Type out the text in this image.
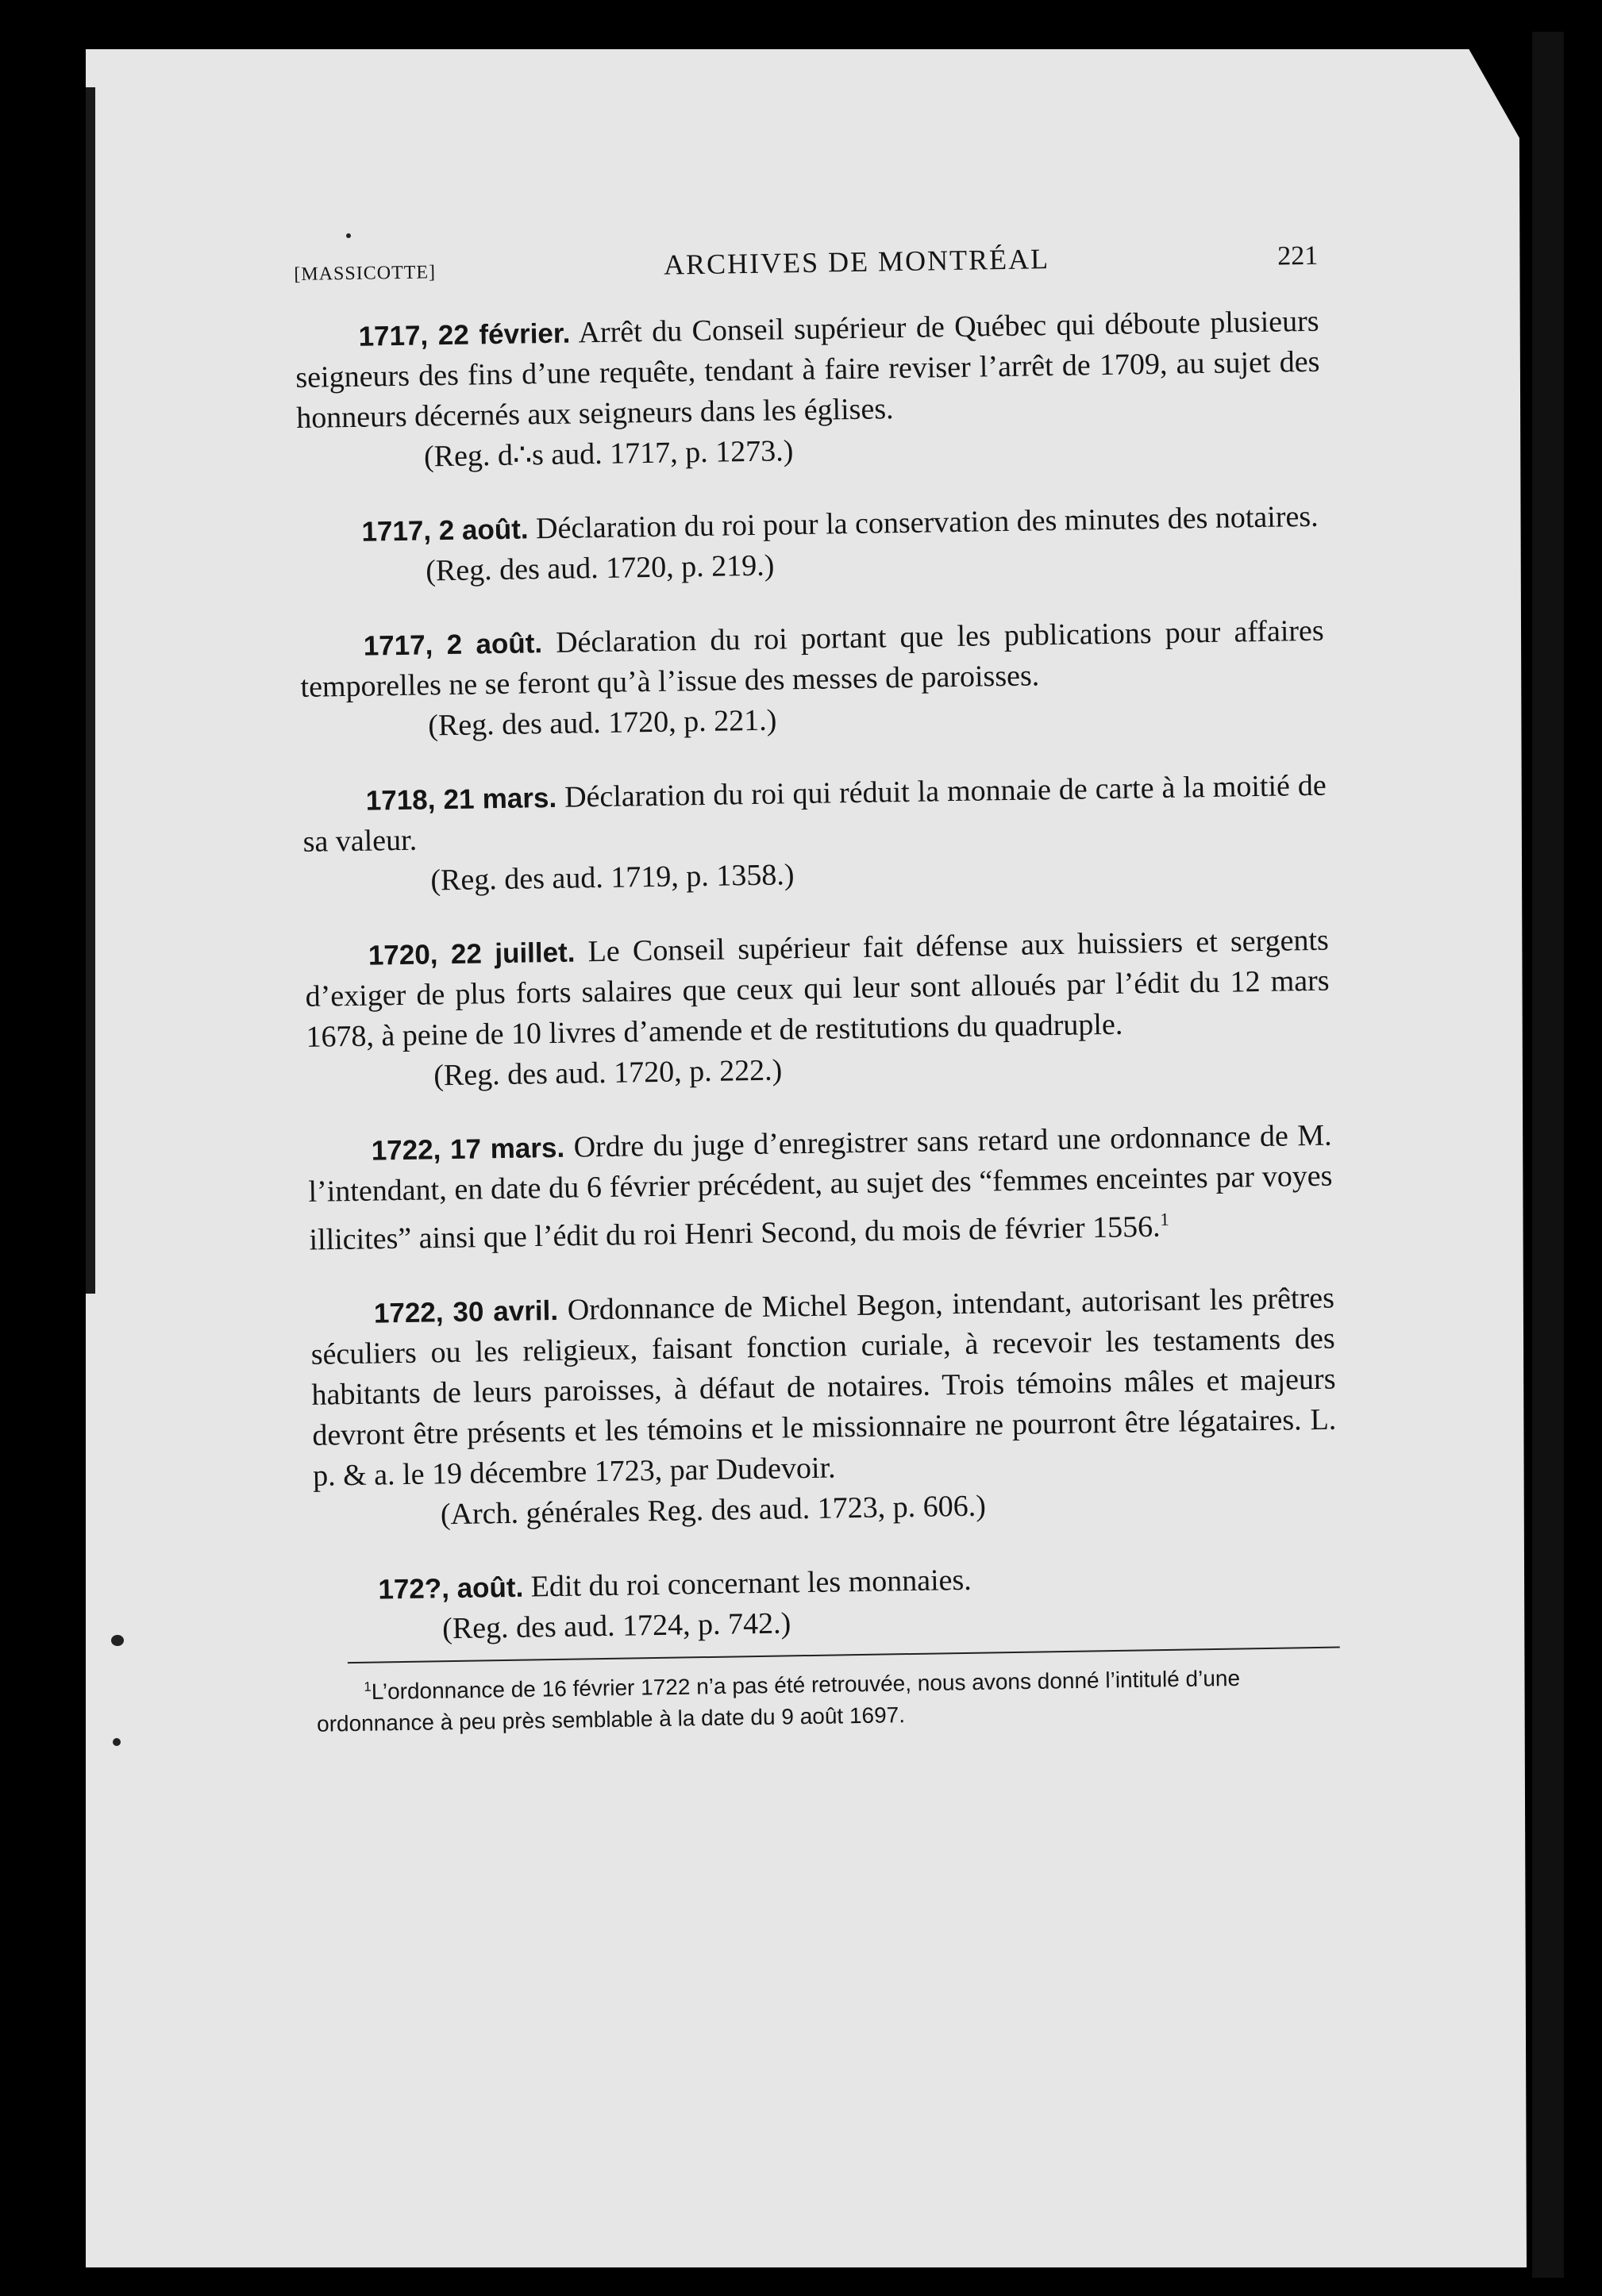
[MASSICOTTE]	ARCHIVES DE MONTRÉAL	221

1717, 22 février. Arrêt du Conseil supérieur de Québec qui déboute plusieurs seigneurs des fins d’une requête, tendant à faire reviser l’arrêt de 1709, au sujet des honneurs décernés aux seigneurs dans les églises.

(Reg. d∴s aud. 1717, p. 1273.)

1717, 2 août. Déclaration du roi pour la conservation des minutes des notaires.

(Reg. des aud. 1720, p. 219.)

1717, 2 août. Déclaration du roi portant que les publications pour affaires temporelles ne se feront qu’à l’issue des messes de paroisses.

(Reg. des aud. 1720, p. 221.)

1718, 21 mars. Déclaration du roi qui réduit la monnaie de carte à la moitié de sa valeur.

(Reg. des aud. 1719, p. 1358.)

1720, 22 juillet. Le Conseil supérieur fait défense aux huissiers et sergents d’exiger de plus forts salaires que ceux qui leur sont alloués par l’édit du 12 mars 1678, à peine de 10 livres d’amende et de restitutions du quadruple.

(Reg. des aud. 1720, p. 222.)

1722, 17 mars. Ordre du juge d’enregistrer sans retard une ordonnance de M. l’intendant, en date du 6 février précédent, au sujet des “femmes enceintes par voyes illicites” ainsi que l’édit du roi Henri Second, du mois de février 1556.$^1$

1722, 30 avril. Ordonnance de Michel Begon, intendant, autorisant les prêtres séculiers ou les religieux, faisant fonction curiale, à recevoir les testaments des habitants de leurs paroisses, à défaut de notaires. Trois témoins mâles et majeurs devront être présents et les témoins et le missionnaire ne pourront être légataires. L. p. & a. le 19 décembre 1723, par Dudevoir.

(Arch. générales Reg. des aud. 1723, p. 606.)

172?, août. Edit du roi concernant les monnaies.

(Reg. des aud. 1724, p. 742.)

$^1$L’ordonnance de 16 février 1722 n’a pas été retrouvée, nous avons donné l’intitulé d’une ordonnance à peu près semblable à la date du 9 août 1697.
